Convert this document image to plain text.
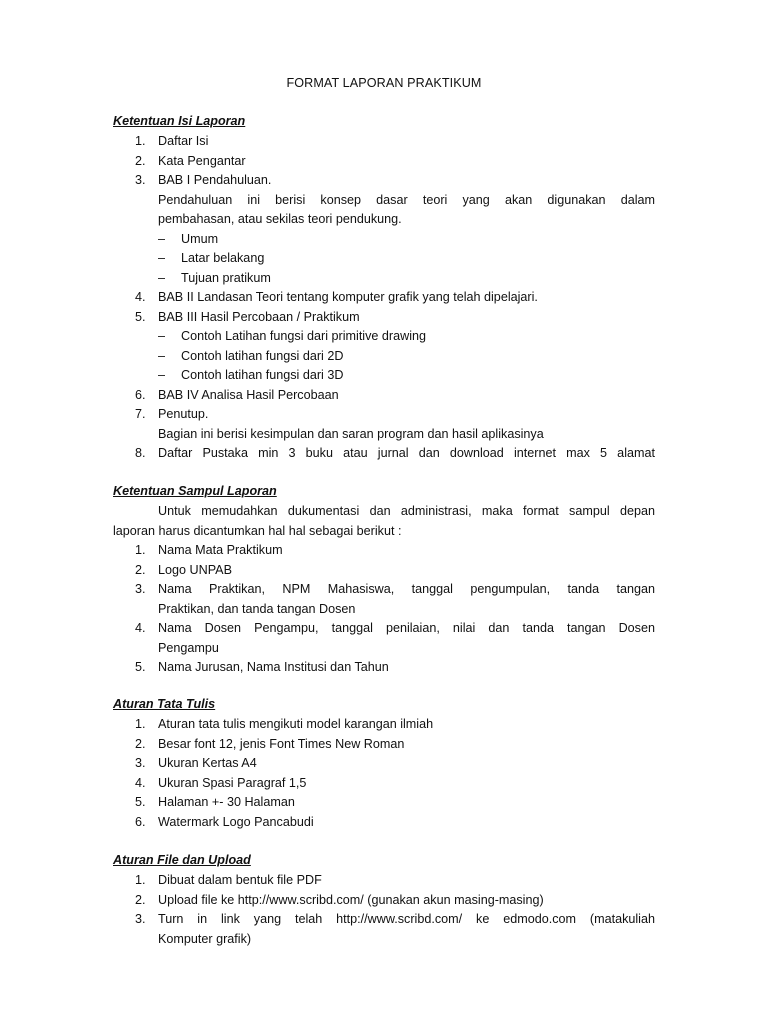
FORMAT LAPORAN PRAKTIKUM
Ketentuan Isi Laporan
1. Daftar Isi
2. Kata Pengantar
3. BAB I Pendahuluan.
Pendahuluan ini berisi konsep dasar teori yang akan digunakan dalam
pembahasan, atau sekilas teori pendukung.
– Umum
– Latar belakang
– Tujuan pratikum
4. BAB II Landasan Teori tentang komputer grafik yang telah dipelajari.
5. BAB III Hasil Percobaan / Praktikum
– Contoh Latihan fungsi dari primitive drawing
– Contoh latihan fungsi dari 2D
– Contoh latihan fungsi dari 3D
6. BAB IV Analisa Hasil Percobaan
7. Penutup.
Bagian ini berisi kesimpulan dan saran program dan hasil aplikasinya
8. Daftar Pustaka min 3 buku atau jurnal dan download internet max 5 alamat
Ketentuan Sampul Laporan
Untuk memudahkan dukumentasi dan administrasi, maka format sampul depan
laporan harus dicantumkan hal hal sebagai berikut :
1. Nama Mata Praktikum
2. Logo UNPAB
3. Nama Praktikan, NPM Mahasiswa, tanggal pengumpulan, tanda tangan
Praktikan, dan tanda tangan Dosen
4. Nama Dosen Pengampu, tanggal penilaian, nilai dan tanda tangan Dosen
Pengampu
5. Nama Jurusan, Nama Institusi dan Tahun
Aturan Tata Tulis
1. Aturan tata tulis mengikuti model karangan ilmiah
2. Besar font 12, jenis Font Times New Roman
3. Ukuran Kertas A4
4. Ukuran Spasi Paragraf 1,5
5. Halaman +- 30 Halaman
6. Watermark Logo Pancabudi
Aturan File dan Upload
1. Dibuat dalam bentuk file PDF
2. Upload file ke http://www.scribd.com/ (gunakan akun masing-masing)
3. Turn in link yang telah http://www.scribd.com/ ke edmodo.com (matakuliah
Komputer grafik)
